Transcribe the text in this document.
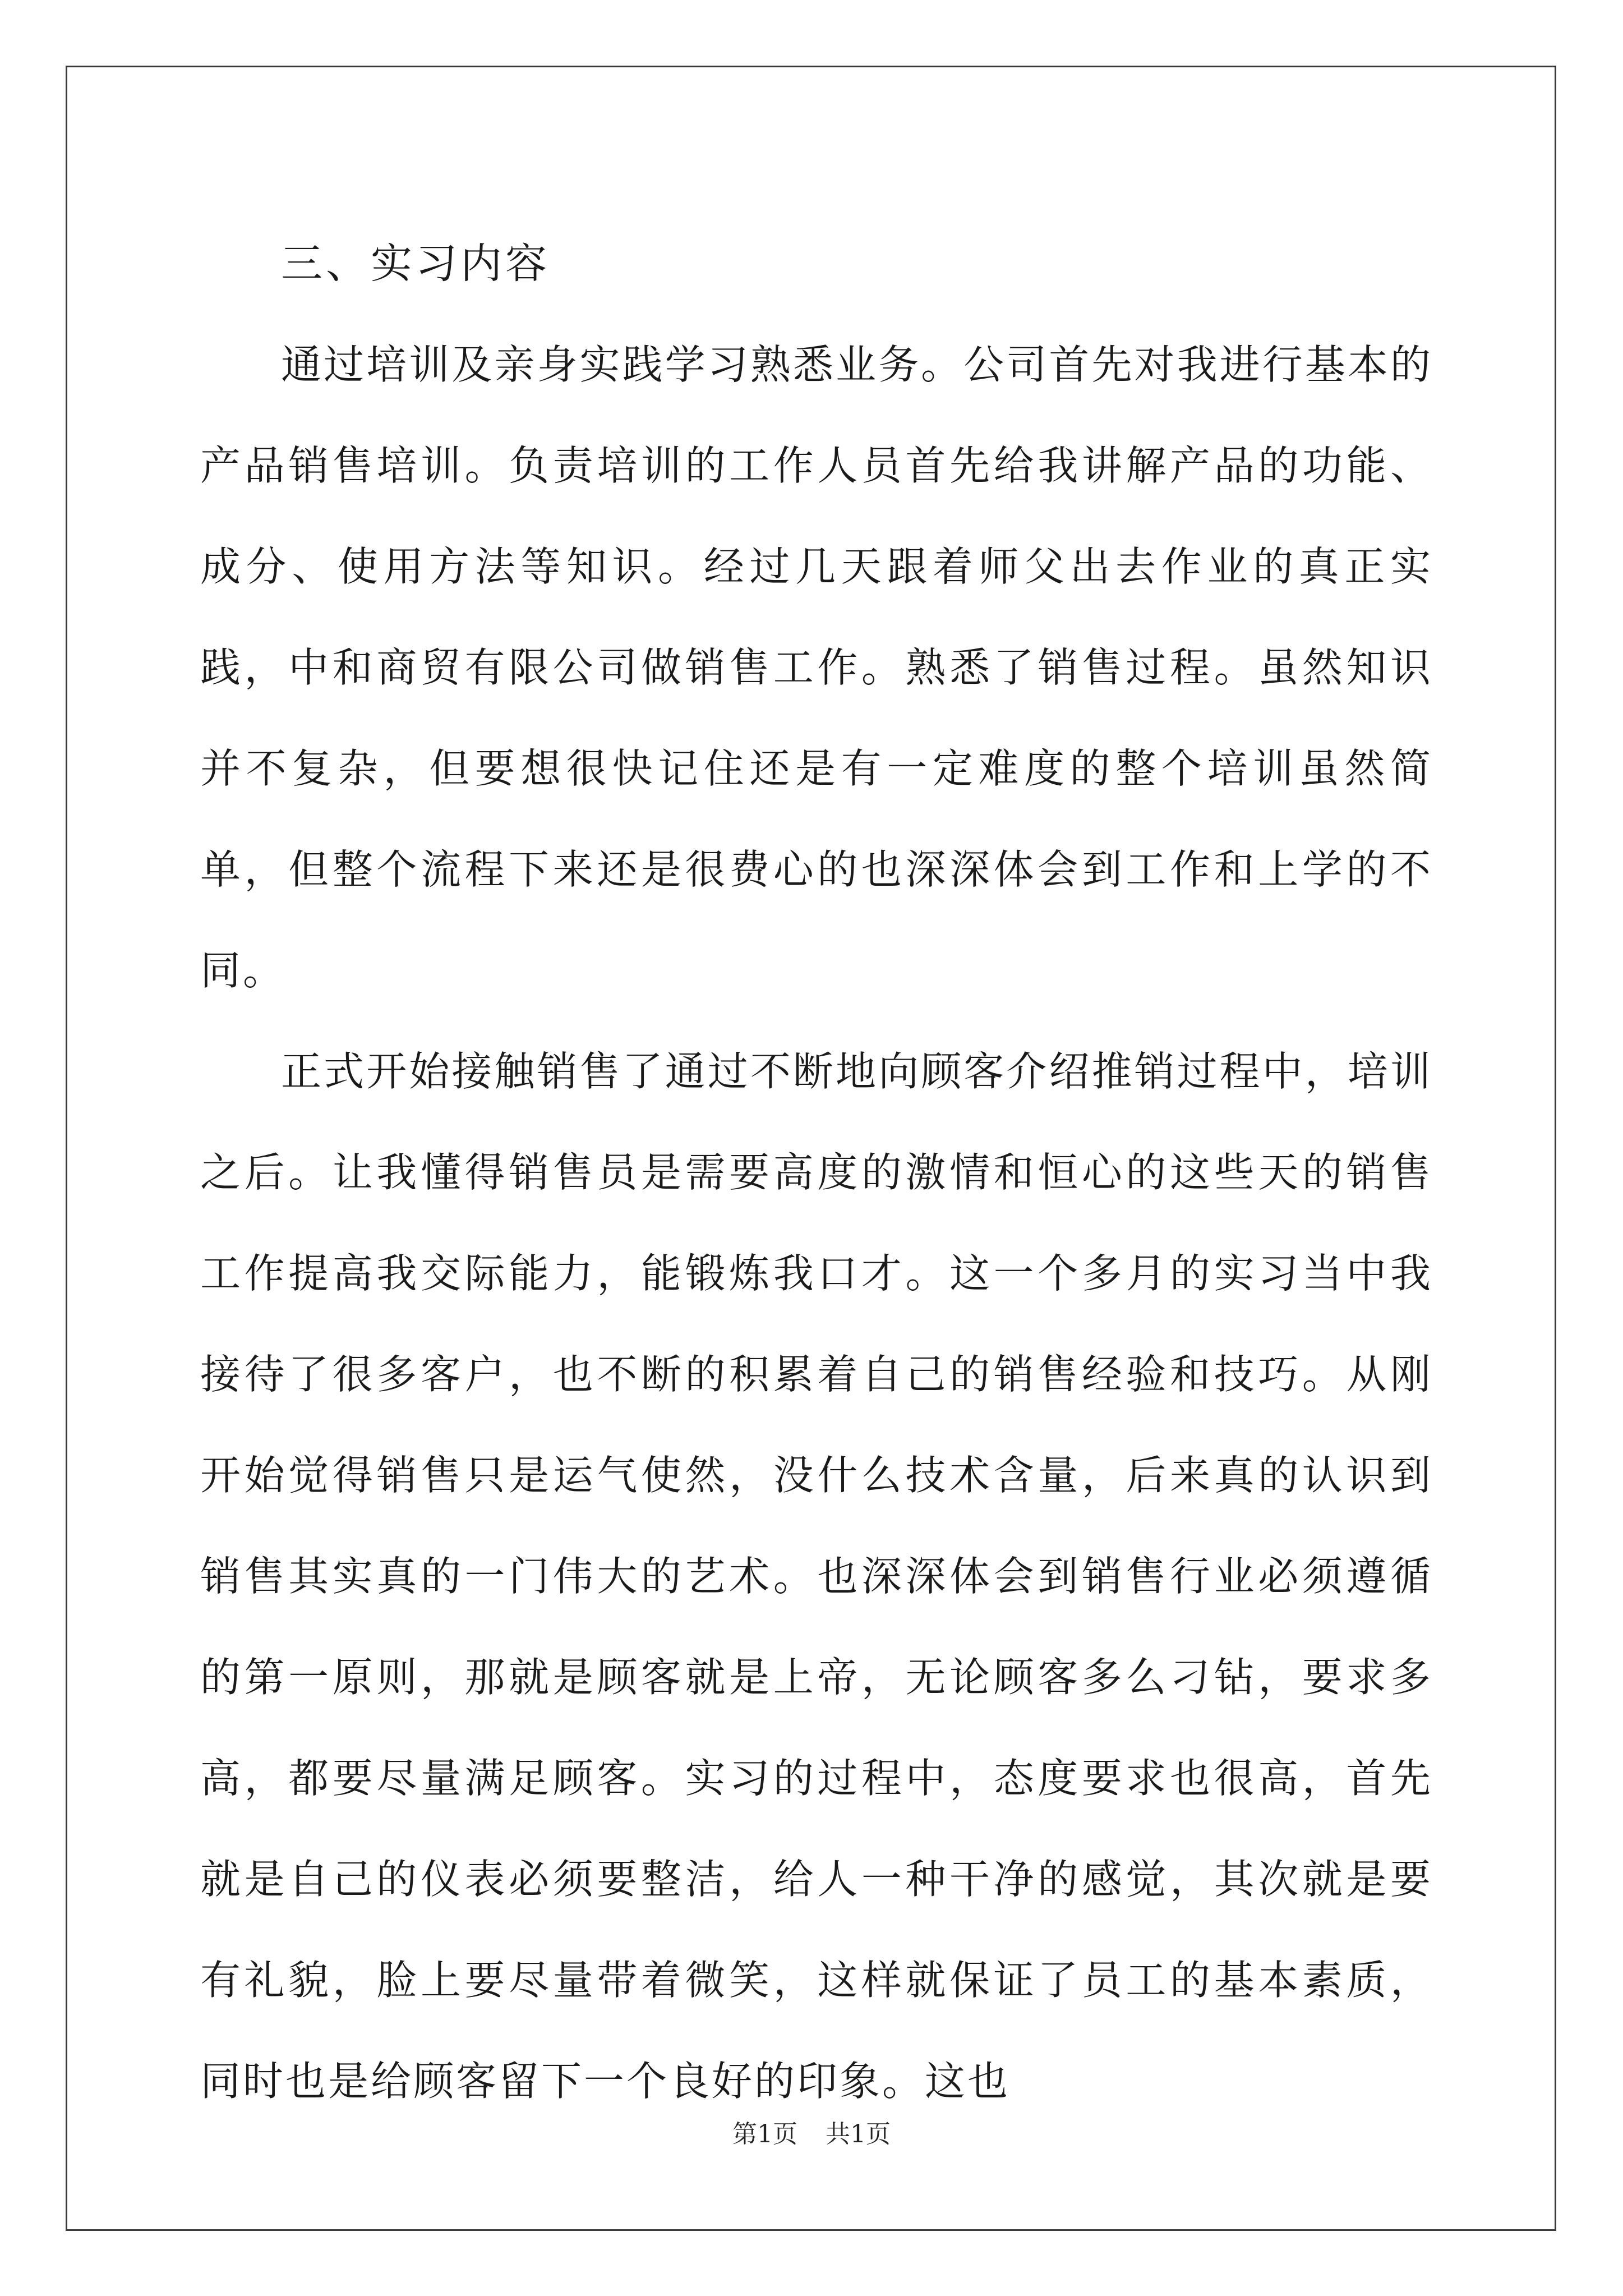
三、实习内容

通过培训及亲身实践学习熟悉业务。公司首先对我进行基本的产品销售培训。负责培训的工作人员首先给我讲解产品的功能、成分、使用方法等知识。经过几天跟着师父出去作业的真正实践，中和商贸有限公司做销售工作。熟悉了销售过程。虽然知识并不复杂，但要想很快记住还是有一定难度的整个培训虽然简单，但整个流程下来还是很费心的也深深体会到工作和上学的不同。

正式开始接触销售了通过不断地向顾客介绍推销过程中，培训之后。让我懂得销售员是需要高度的激情和恒心的这些天的销售工作提高我交际能力，能锻炼我口才。这一个多月的实习当中我接待了很多客户，也不断的积累着自己的销售经验和技巧。从刚开始觉得销售只是运气使然，没什么技术含量，后来真的认识到销售其实真的一门伟大的艺术。也深深体会到销售行业必须遵循的第一原则，那就是顾客就是上帝，无论顾客多么刁钻，要求多高，都要尽量满足顾客。实习的过程中，态度要求也很高，首先就是自己的仪表必须要整洁，给人一种干净的感觉，其次就是要有礼貌，脸上要尽量带着微笑，这样就保证了员工的基本素质，同时也是给顾客留下一个良好的印象。这也

第1页 共1页
